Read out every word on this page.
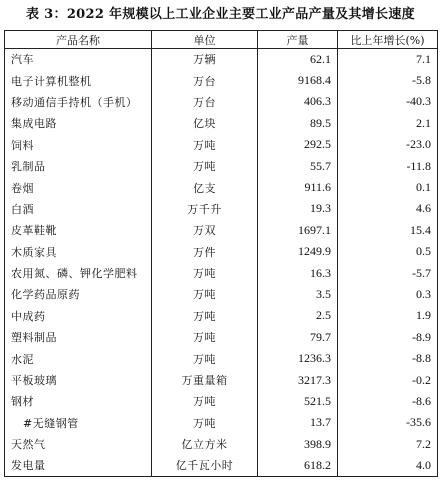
表 3：2022 年规模以上工业企业主要工业产品产量及其增长速度
产品名称	单位	产量	比上年增长(%)
汽车	万辆	62.1	7.1
电子计算机整机	万台	9168.4	-5.8
移动通信手持机（手机）	万台	406.3	-40.3
集成电路	亿块	89.5	2.1
饲料	万吨	292.5	-23.0
乳制品	万吨	55.7	-11.8
卷烟	亿支	911.6	0.1
白酒	万千升	19.3	4.6
皮革鞋靴	万双	1697.1	15.4
木质家具	万件	1249.9	0.5
农用氮、磷、钾化学肥料	万吨	16.3	-5.7
化学药品原药	万吨	3.5	0.3
中成药	万吨	2.5	1.9
塑料制品	万吨	79.7	-8.9
水泥	万吨	1236.3	-8.8
平板玻璃	万重量箱	3217.3	-0.2
钢材	万吨	521.5	-8.6
#无缝钢管	万吨	13.7	-35.6
天然气	亿立方米	398.9	7.2
发电量	亿千瓦小时	618.2	4.0
